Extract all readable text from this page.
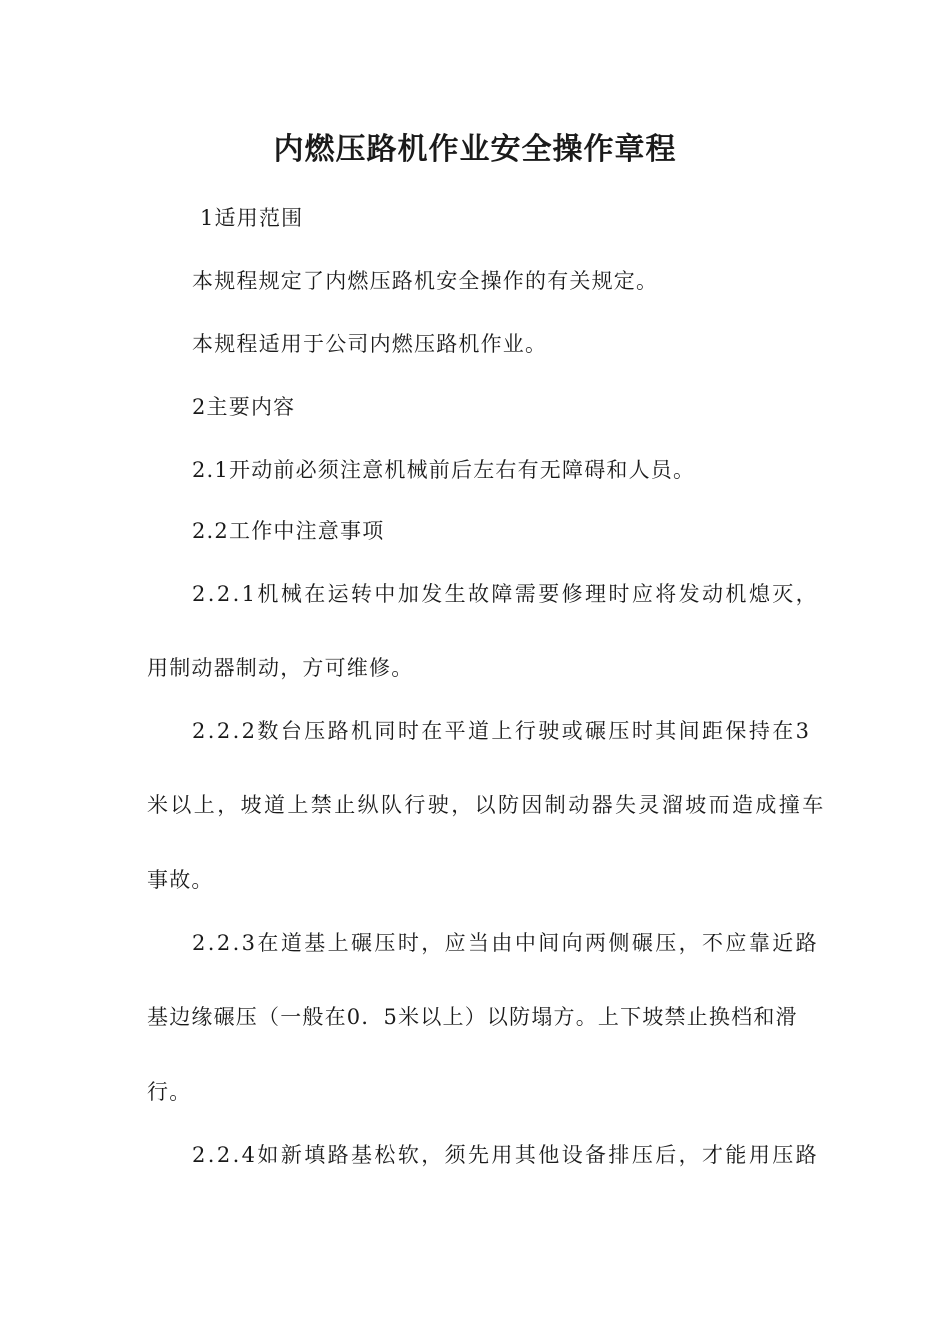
内燃压路机作业安全操作章程
1适用范围
本规程规定了内燃压路机安全操作的有关规定。
本规程适用于公司内燃压路机作业。
2主要内容
2.1开动前必须注意机械前后左右有无障碍和人员。
2.2工作中注意事项
2.2.1机械在运转中加发生故障需要修理时应将发动机熄灭，
用制动器制动，方可维修。
2.2.2数台压路机同时在平道上行驶或碾压时其间距保持在3
米以上，坡道上禁止纵队行驶，以防因制动器失灵溜坡而造成撞车
事故。
2.2.3在道基上碾压时，应当由中间向两侧碾压，不应靠近路
基边缘碾压（一般在0．5米以上）以防塌方。上下坡禁止换档和滑
行。
2.2.4如新填路基松软，须先用其他设备排压后，才能用压路
